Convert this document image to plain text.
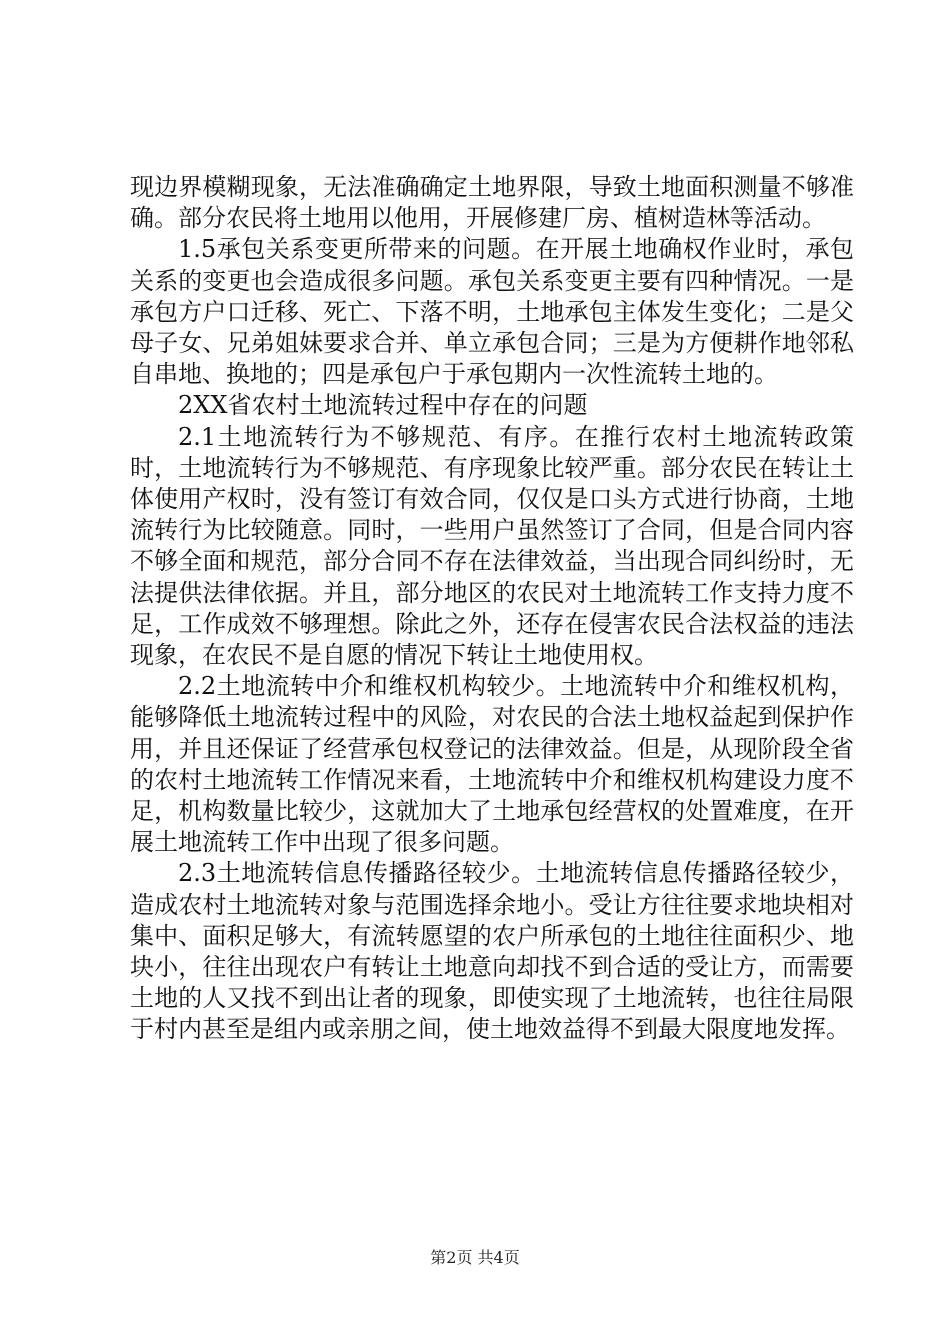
现边界模糊现象，无法准确确定土地界限，导致土地面积测量不够准确。部分农民将土地用以他用，开展修建厂房、植树造林等活动。

1.5承包关系变更所带来的问题。在开展土地确权作业时，承包关系的变更也会造成很多问题。承包关系变更主要有四种情况。一是承包方户口迁移、死亡、下落不明，土地承包主体发生变化；二是父母子女、兄弟姐妹要求合并、单立承包合同；三是为方便耕作地邻私自串地、换地的；四是承包户于承包期内一次性流转土地的。

2XX省农村土地流转过程中存在的问题

2.1土地流转行为不够规范、有序。在推行农村土地流转政策时，土地流转行为不够规范、有序现象比较严重。部分农民在转让土体使用产权时，没有签订有效合同，仅仅是口头方式进行协商，土地流转行为比较随意。同时，一些用户虽然签订了合同，但是合同内容不够全面和规范，部分合同不存在法律效益，当出现合同纠纷时，无法提供法律依据。并且，部分地区的农民对土地流转工作支持力度不足，工作成效不够理想。除此之外，还存在侵害农民合法权益的违法现象，在农民不是自愿的情况下转让土地使用权。

2.2土地流转中介和维权机构较少。土地流转中介和维权机构，能够降低土地流转过程中的风险，对农民的合法土地权益起到保护作用，并且还保证了经营承包权登记的法律效益。但是，从现阶段全省的农村土地流转工作情况来看，土地流转中介和维权机构建设力度不足，机构数量比较少，这就加大了土地承包经营权的处置难度，在开展土地流转工作中出现了很多问题。

2.3土地流转信息传播路径较少。土地流转信息传播路径较少，造成农村土地流转对象与范围选择余地小。受让方往往要求地块相对集中、面积足够大，有流转愿望的农户所承包的土地往往面积少、地块小，往往出现农户有转让土地意向却找不到合适的受让方，而需要土地的人又找不到出让者的现象，即使实现了土地流转，也往往局限于村内甚至是组内或亲朋之间，使土地效益得不到最大限度地发挥。

第2页 共4页
